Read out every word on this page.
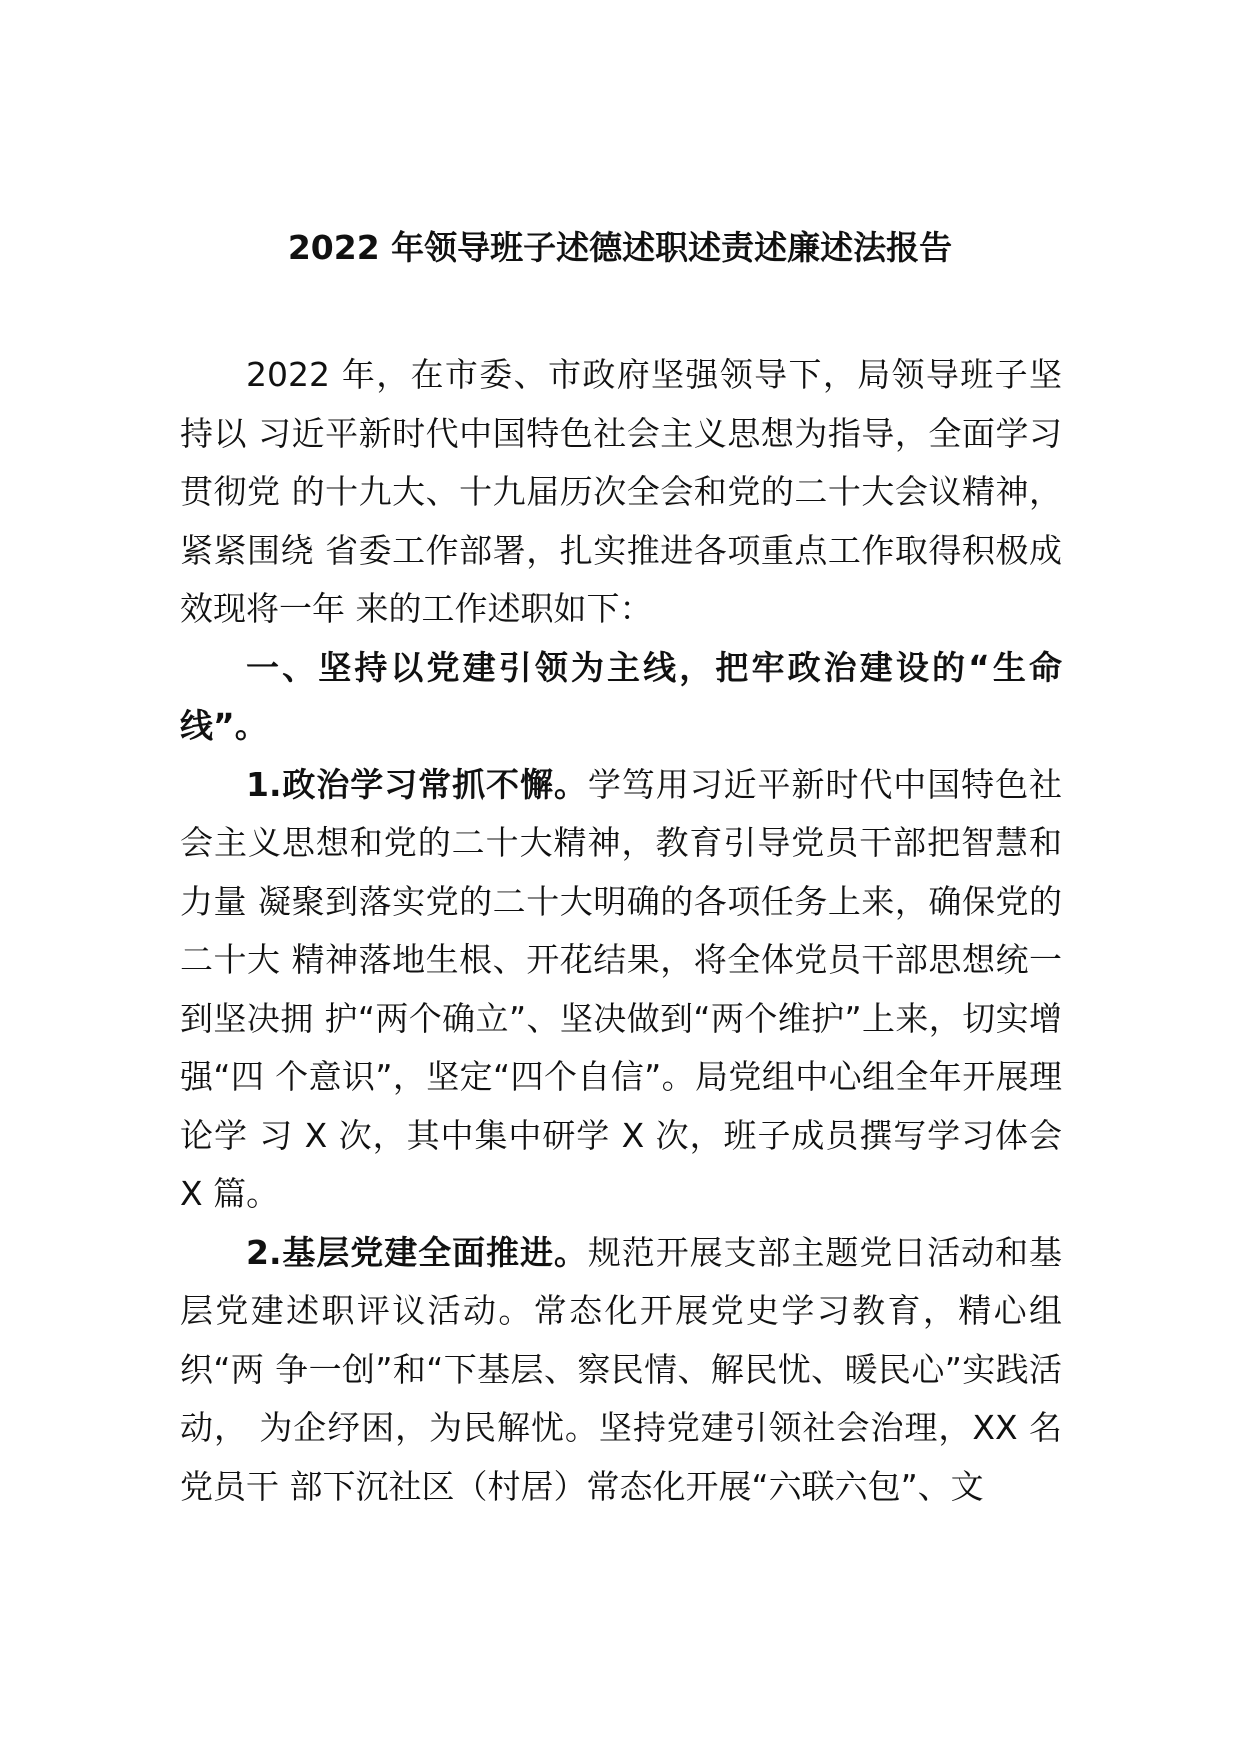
2022 年领导班子述德述职述责述廉述法报告

2022 年，在市委、市政府坚强领导下，局领导班子坚持以 习近平新时代中国特色社会主义思想为指导，全面学习贯彻党 的十九大、十九届历次全会和党的二十大会议精神，紧紧围绕 省委工作部署，扎实推进各项重点工作取得积极成效现将一年 来的工作述职如下：

一、坚持以党建引领为主线，把牢政治建设的“生命线”。

1.政治学习常抓不懈。学笃用习近平新时代中国特色社会主义思想和党的二十大精神，教育引导党员干部把智慧和力量 凝聚到落实党的二十大明确的各项任务上来，确保党的二十大 精神落地生根、开花结果，将全体党员干部思想统一到坚决拥 护“两个确立”、坚决做到“两个维护”上来，切实增强“四 个意识”，坚定“四个自信”。局党组中心组全年开展理论学 习 X 次，其中集中研学 X 次，班子成员撰写学习体会 X 篇。

2.基层党建全面推进。规范开展支部主题党日活动和基层党建述职评议活动。常态化开展党史学习教育，精心组织“两 争一创”和“下基层、察民情、解民忧、暖民心”实践活动， 为企纾困，为民解忧。坚持党建引领社会治理，XX 名党员干 部下沉社区（村居）常态化开展“六联六包”、文
